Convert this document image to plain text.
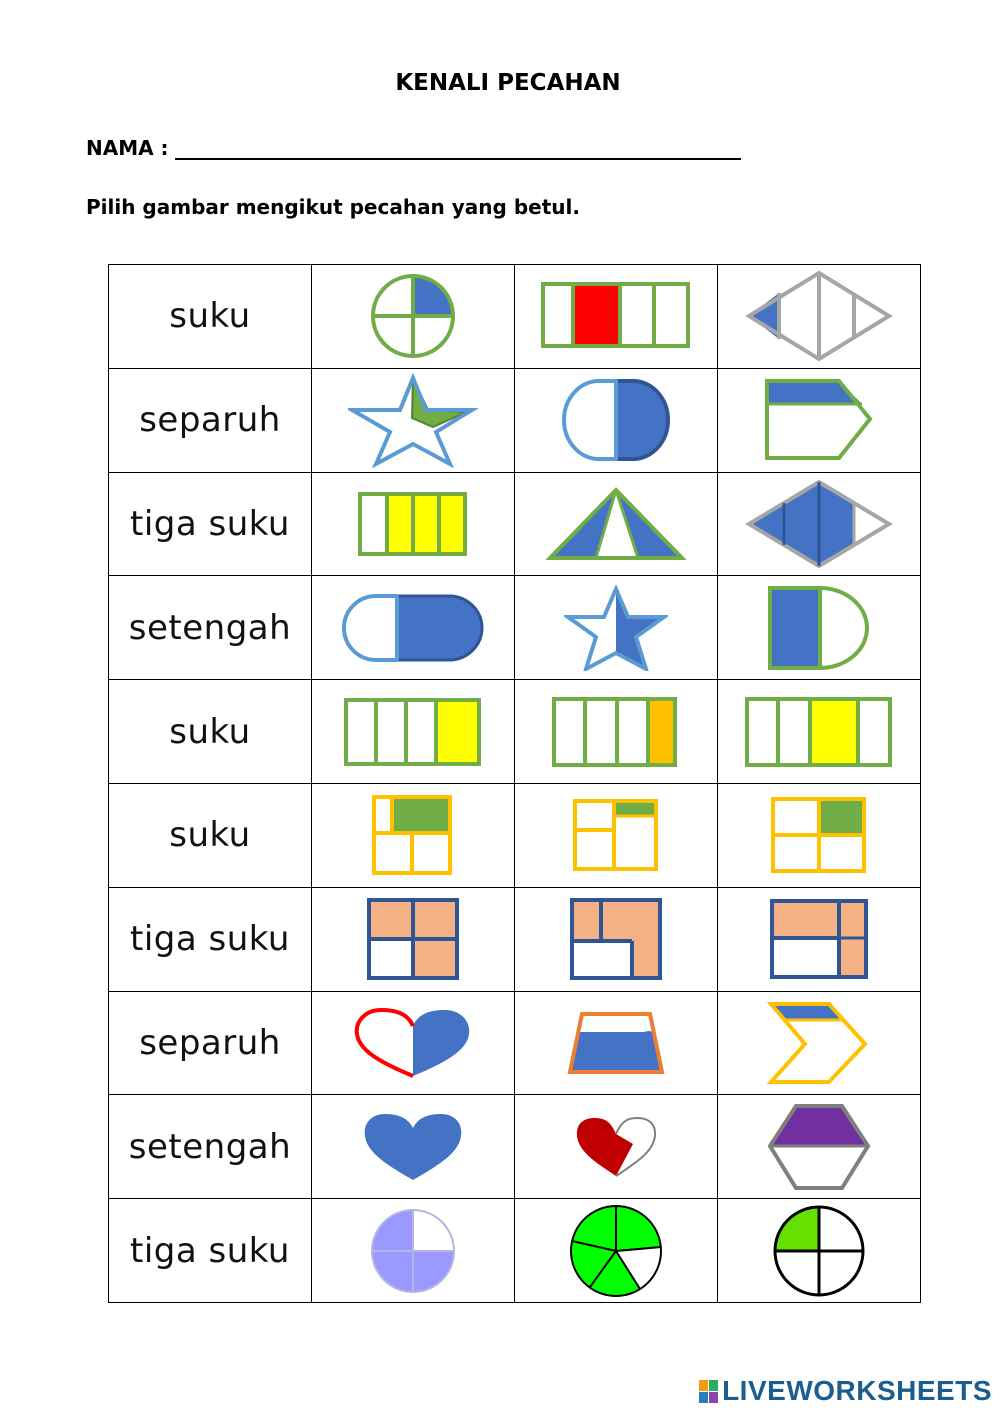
KENALI PECAHAN
NAMA :
Pilih gambar mengikut pecahan yang betul.
suku	

separuh	

tiga suku	

setengah	

suku	

suku	

tiga suku	

separuh	

setengah	

tiga suku	

LIVEWORKSHEETS
